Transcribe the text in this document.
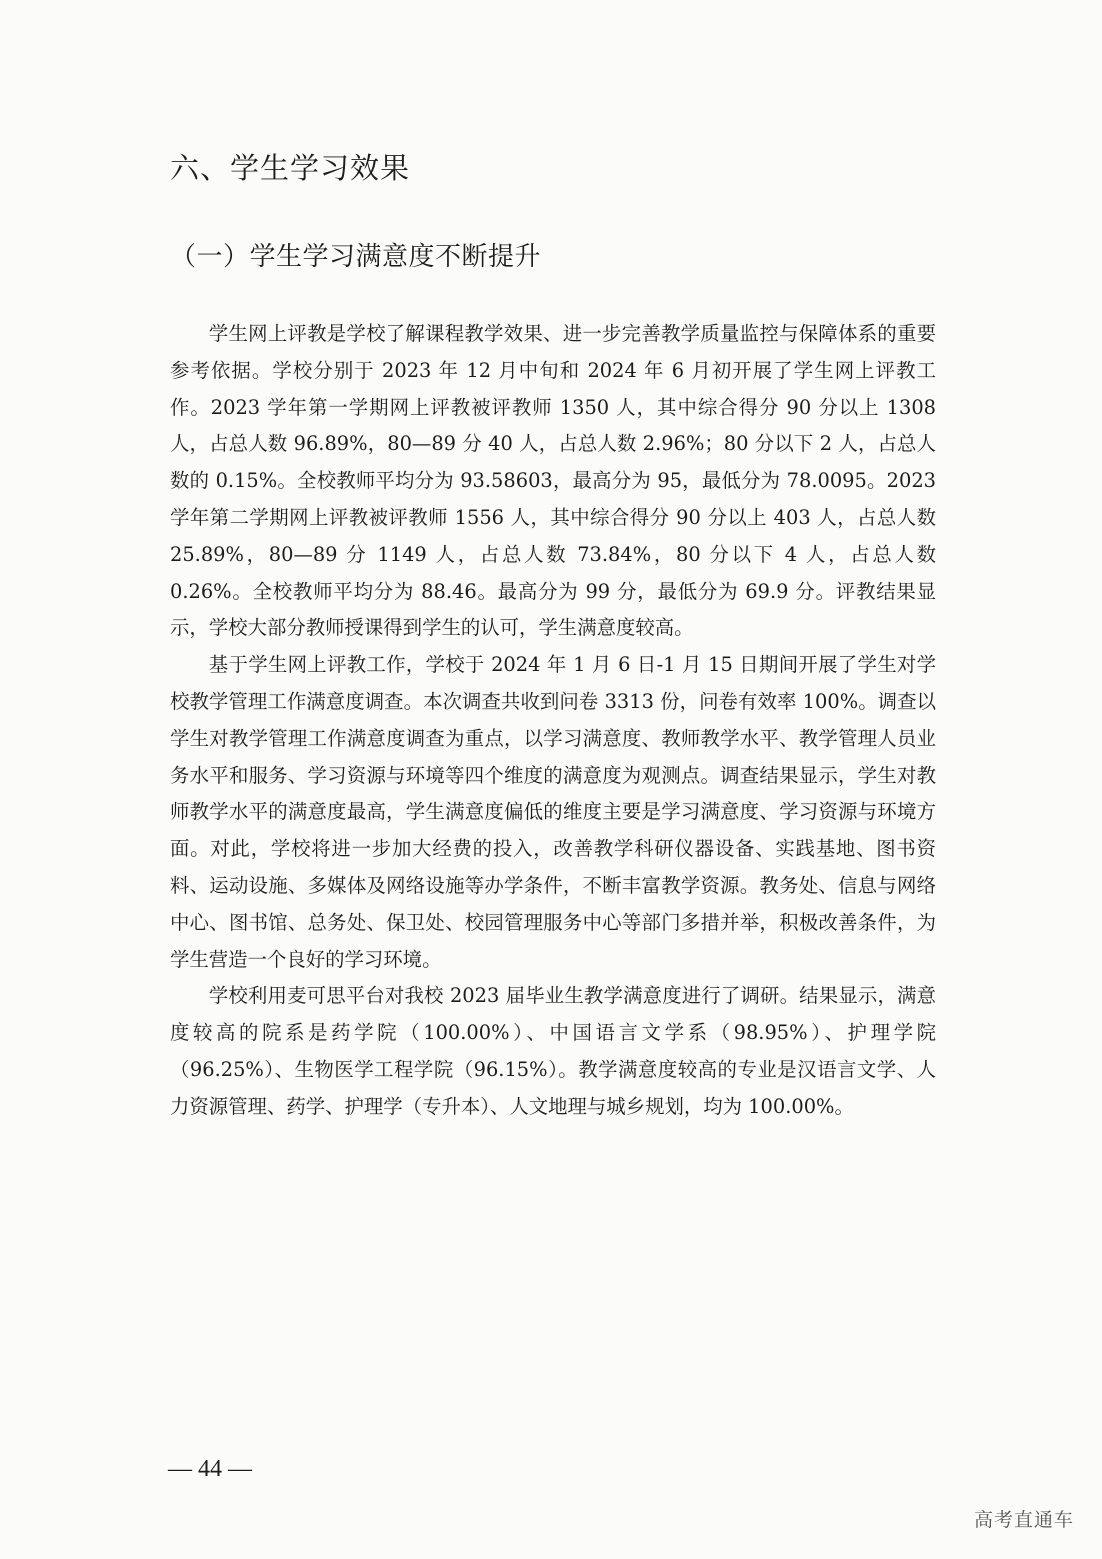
六、学生学习效果
（一）学生学习满意度不断提升

学生网上评教是学校了解课程教学效果、进一步完善教学质量监控与保障体系的重要参考依据。学校分别于 2023 年 12 月中旬和 2024 年 6 月初开展了学生网上评教工作。2023 学年第一学期网上评教被评教师 1350 人，其中综合得分 90 分以上 1308 人，占总人数 96.89%，80—89 分 40 人，占总人数 2.96%；80 分以下 2 人，占总人数的 0.15%。全校教师平均分为 93.58603，最高分为 95，最低分为 78.0095。2023 学年第二学期网上评教被评教师 1556 人，其中综合得分 90 分以上 403 人，占总人数 25.89%，80—89 分 1149 人，占总人数 73.84%，80 分以下 4 人，占总人数 0.26%。全校教师平均分为 88.46。最高分为 99 分，最低分为 69.9 分。评教结果显示，学校大部分教师授课得到学生的认可，学生满意度较高。

基于学生网上评教工作，学校于 2024 年 1 月 6 日-1 月 15 日期间开展了学生对学校教学管理工作满意度调查。本次调查共收到问卷 3313 份，问卷有效率 100%。调查以学生对教学管理工作满意度调查为重点，以学习满意度、教师教学水平、教学管理人员业务水平和服务、学习资源与环境等四个维度的满意度为观测点。调查结果显示，学生对教师教学水平的满意度最高，学生满意度偏低的维度主要是学习满意度、学习资源与环境方面。对此，学校将进一步加大经费的投入，改善教学科研仪器设备、实践基地、图书资料、运动设施、多媒体及网络设施等办学条件，不断丰富教学资源。教务处、信息与网络中心、图书馆、总务处、保卫处、校园管理服务中心等部门多措并举，积极改善条件，为学生营造一个良好的学习环境。

学校利用麦可思平台对我校 2023 届毕业生教学满意度进行了调研。结果显示，满意度较高的院系是药学院（100.00%）、中国语言文学系（98.95%）、护理学院（96.25%）、生物医学工程学院（96.15%）。教学满意度较高的专业是汉语言文学、人力资源管理、药学、护理学（专升本）、人文地理与城乡规划，均为 100.00%。

— 44 —
高考直通车
